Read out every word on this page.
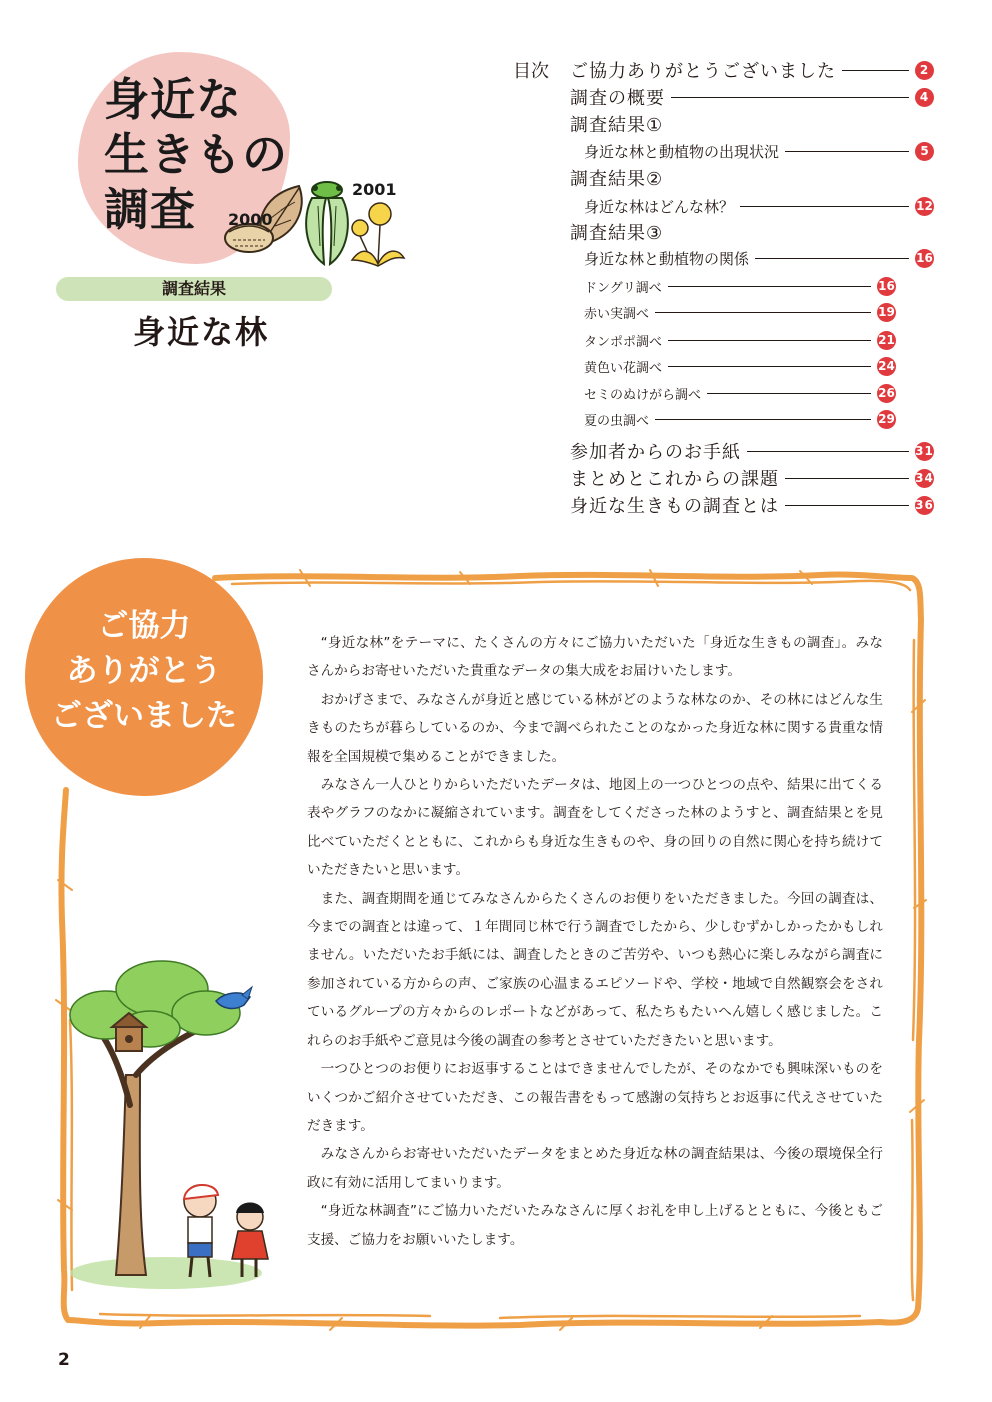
身近な
生きもの
調査	2000
2001
調査結果
身近な林
目次 ご協力ありがとうございました	2
調査の概要	4
調査結果①
身近な林と動植物の出現状況	5
調査結果②
身近な林はどんな林？	12
調査結果③
身近な林と動植物の関係	16
ドングリ調べ	16
赤い実調べ	19
タンポポ調べ	21
黄色い花調べ	24
セミのぬけがら調べ	26
夏の虫調べ	29
参加者からのお手紙	31
まとめとこれからの課題	34
身近な生きもの調査とは	36
ご協力
ありがとう
ございました

“身近な林”をテーマに、たくさんの方々にご協力いただいた「身近な生きもの調査」。みなさんからお寄せいただいた貴重なデータの集大成をお届けいたします。

おかげさまで、みなさんが身近と感じている林がどのような林なのか、その林にはどんな生きものたちが暮らしているのか、今まで調べられたことのなかった身近な林に関する貴重な情報を全国規模で集めることができました。

みなさん一人ひとりからいただいたデータは、地図上の一つひとつの点や、結果に出てくる表やグラフのなかに凝縮されています。調査をしてくださった林のようすと、調査結果とを見比べていただくとともに、これからも身近な生きものや、身の回りの自然に関心を持ち続けていただきたいと思います。

また、調査期間を通じてみなさんからたくさんのお便りをいただきました。今回の調査は、今までの調査とは違って、１年間同じ林で行う調査でしたから、少しむずかしかったかもしれません。いただいたお手紙には、調査したときのご苦労や、いつも熱心に楽しみながら調査に参加されている方からの声、ご家族の心温まるエピソードや、学校・地域で自然観察会をされているグループの方々からのレポートなどがあって、私たちもたいへん嬉しく感じました。これらのお手紙やご意見は今後の調査の参考とさせていただきたいと思います。

一つひとつのお便りにお返事することはできませんでしたが、そのなかでも興味深いものをいくつかご紹介させていただき、この報告書をもって感謝の気持ちとお返事に代えさせていただきます。

みなさんからお寄せいただいたデータをまとめた身近な林の調査結果は、今後の環境保全行政に有効に活用してまいります。

“身近な林調査”にご協力いただいたみなさんに厚くお礼を申し上げるとともに、今後ともご支援、ご協力をお願いいたします。

2
